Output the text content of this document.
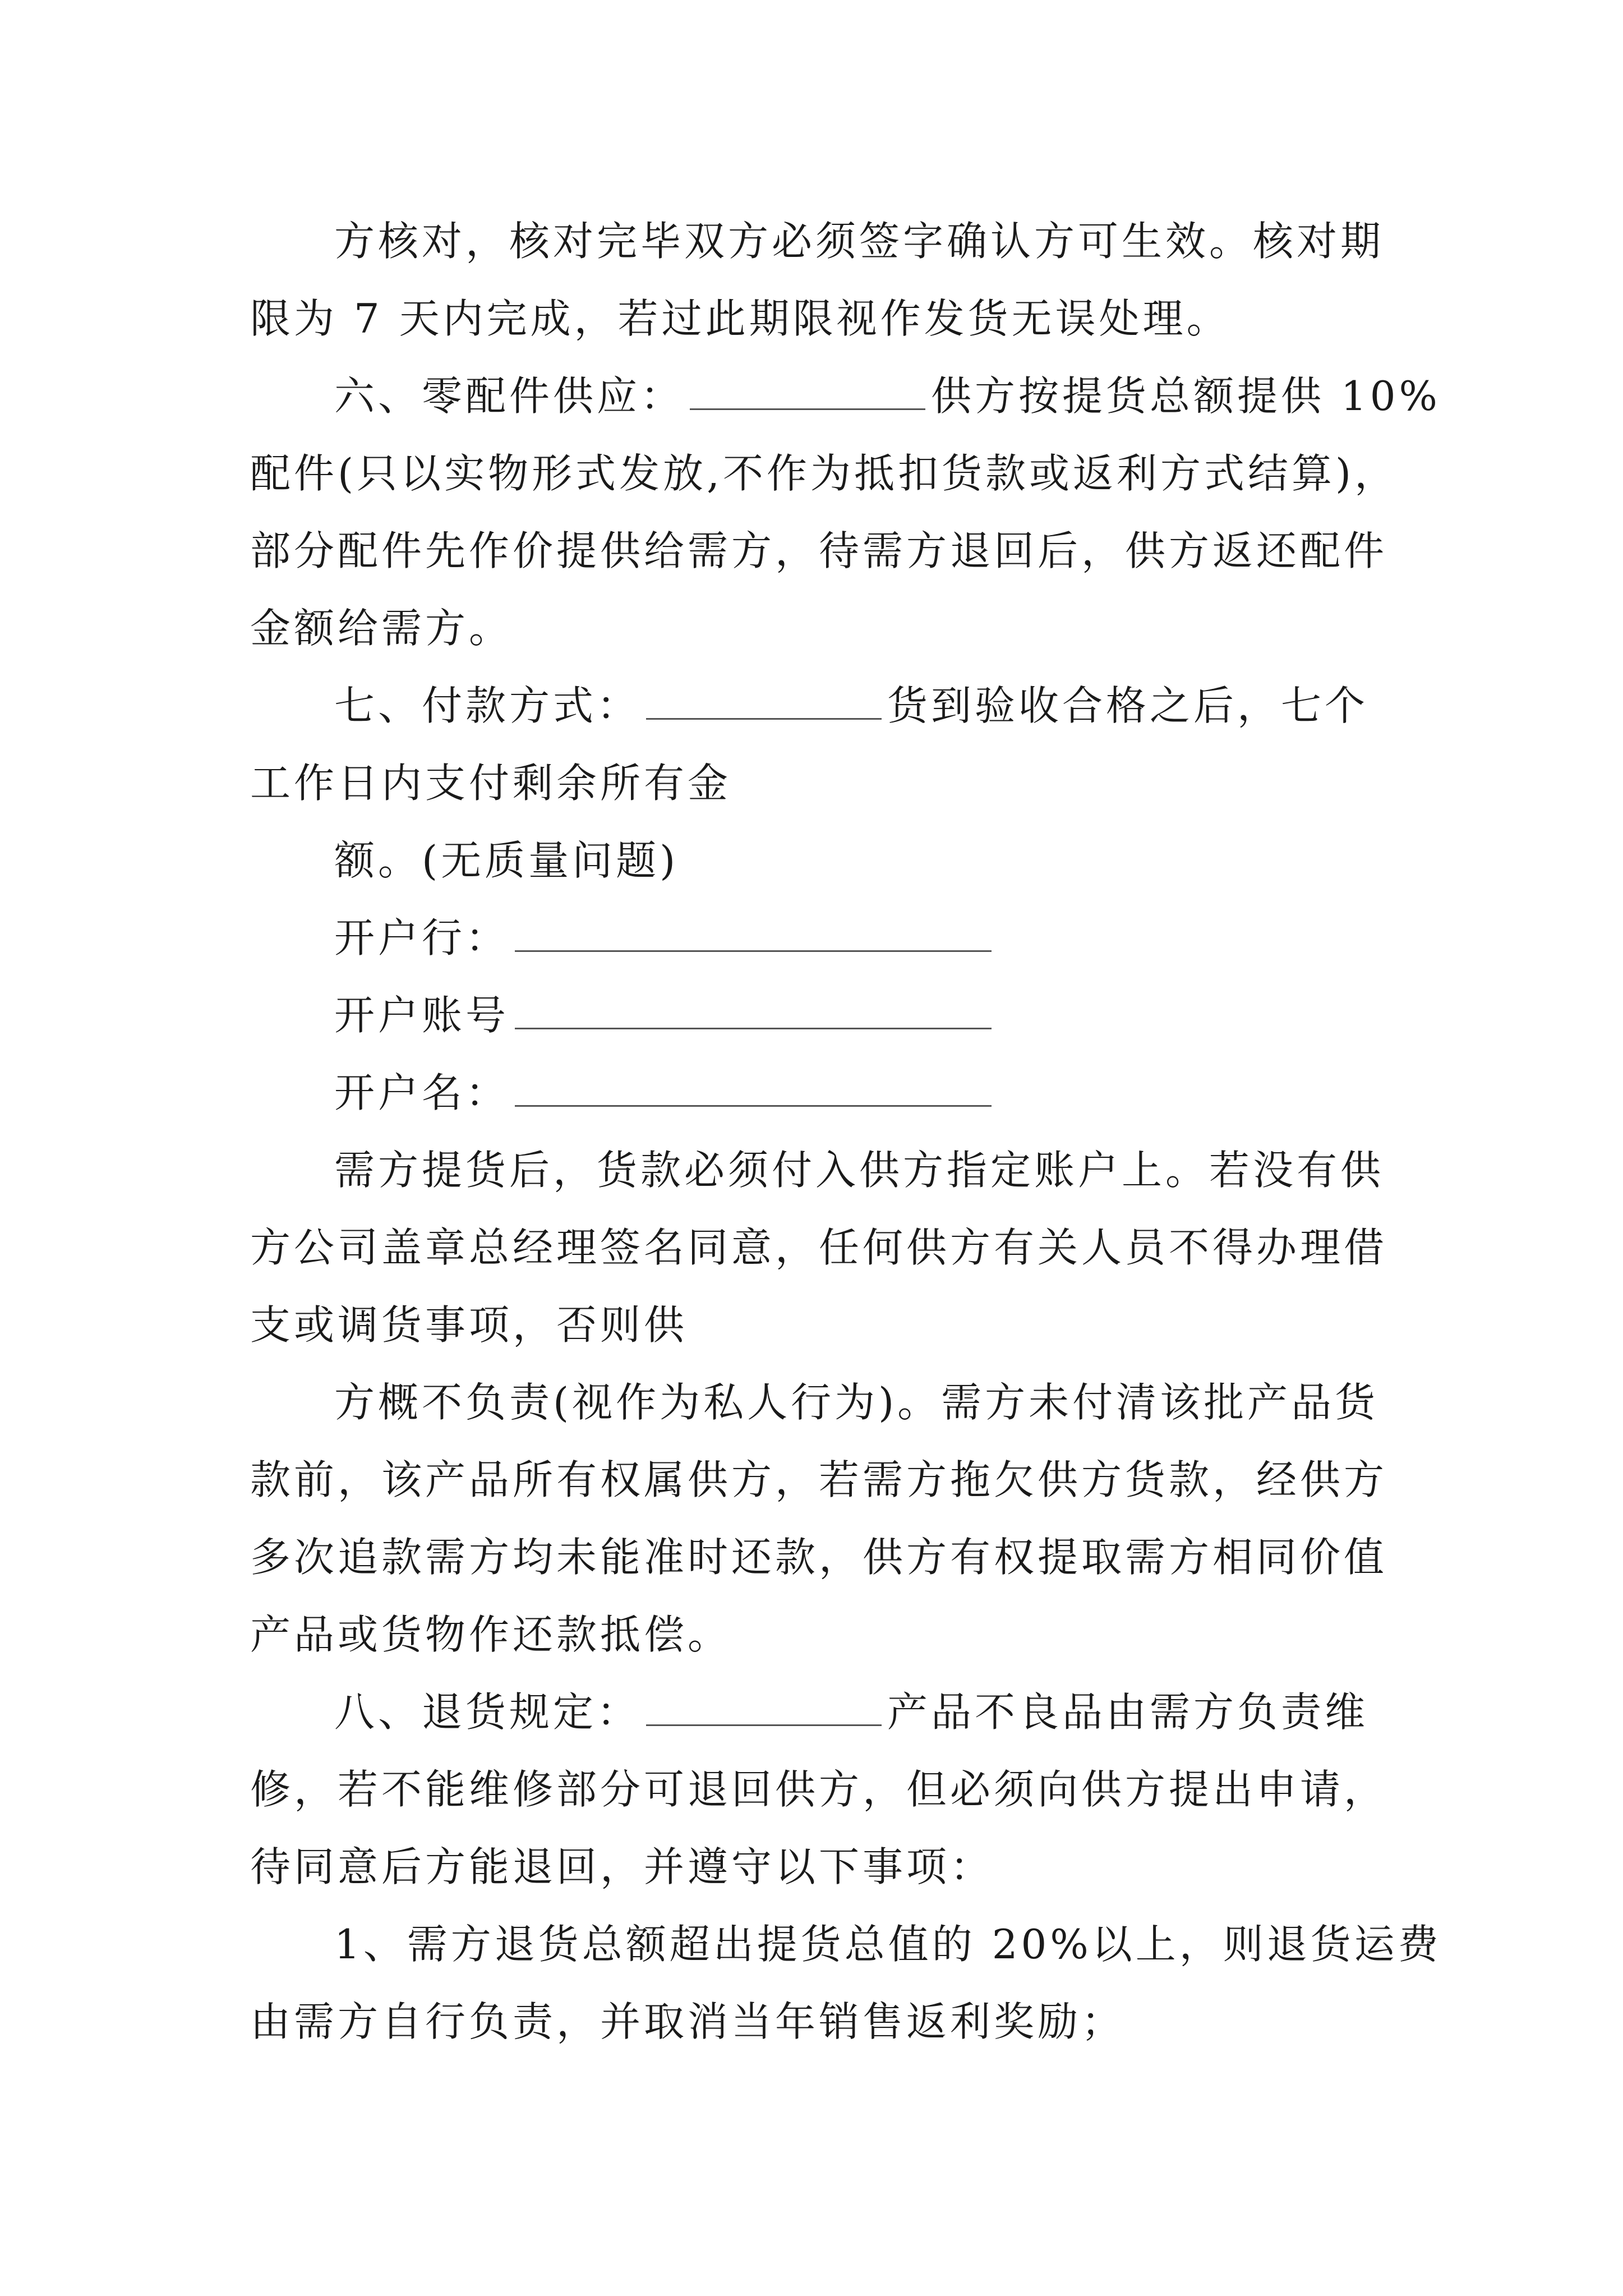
方核对，核对完毕双方必须签字确认方可生效。核对期
限为 7 天内完成，若过此期限视作发货无误处理。
六、零配件供应：	供方按提货总额提供 10%
配件(只以实物形式发放,不作为抵扣货款或返利方式结算)，
部分配件先作价提供给需方，待需方退回后，供方返还配件
金额给需方。
七、付款方式：	货到验收合格之后，七个
工作日内支付剩余所有金
额。(无质量问题)
开户行：
开户账号
开户名：
需方提货后，货款必须付入供方指定账户上。若没有供
方公司盖章总经理签名同意，任何供方有关人员不得办理借
支或调货事项，否则供
方概不负责(视作为私人行为)。需方未付清该批产品货
款前，该产品所有权属供方，若需方拖欠供方货款，经供方
多次追款需方均未能准时还款，供方有权提取需方相同价值
产品或货物作还款抵偿。
八、退货规定：	产品不良品由需方负责维
修，若不能维修部分可退回供方，但必须向供方提出申请，
待同意后方能退回，并遵守以下事项：
1、需方退货总额超出提货总值的 20%以上，则退货运费
由需方自行负责，并取消当年销售返利奖励；
